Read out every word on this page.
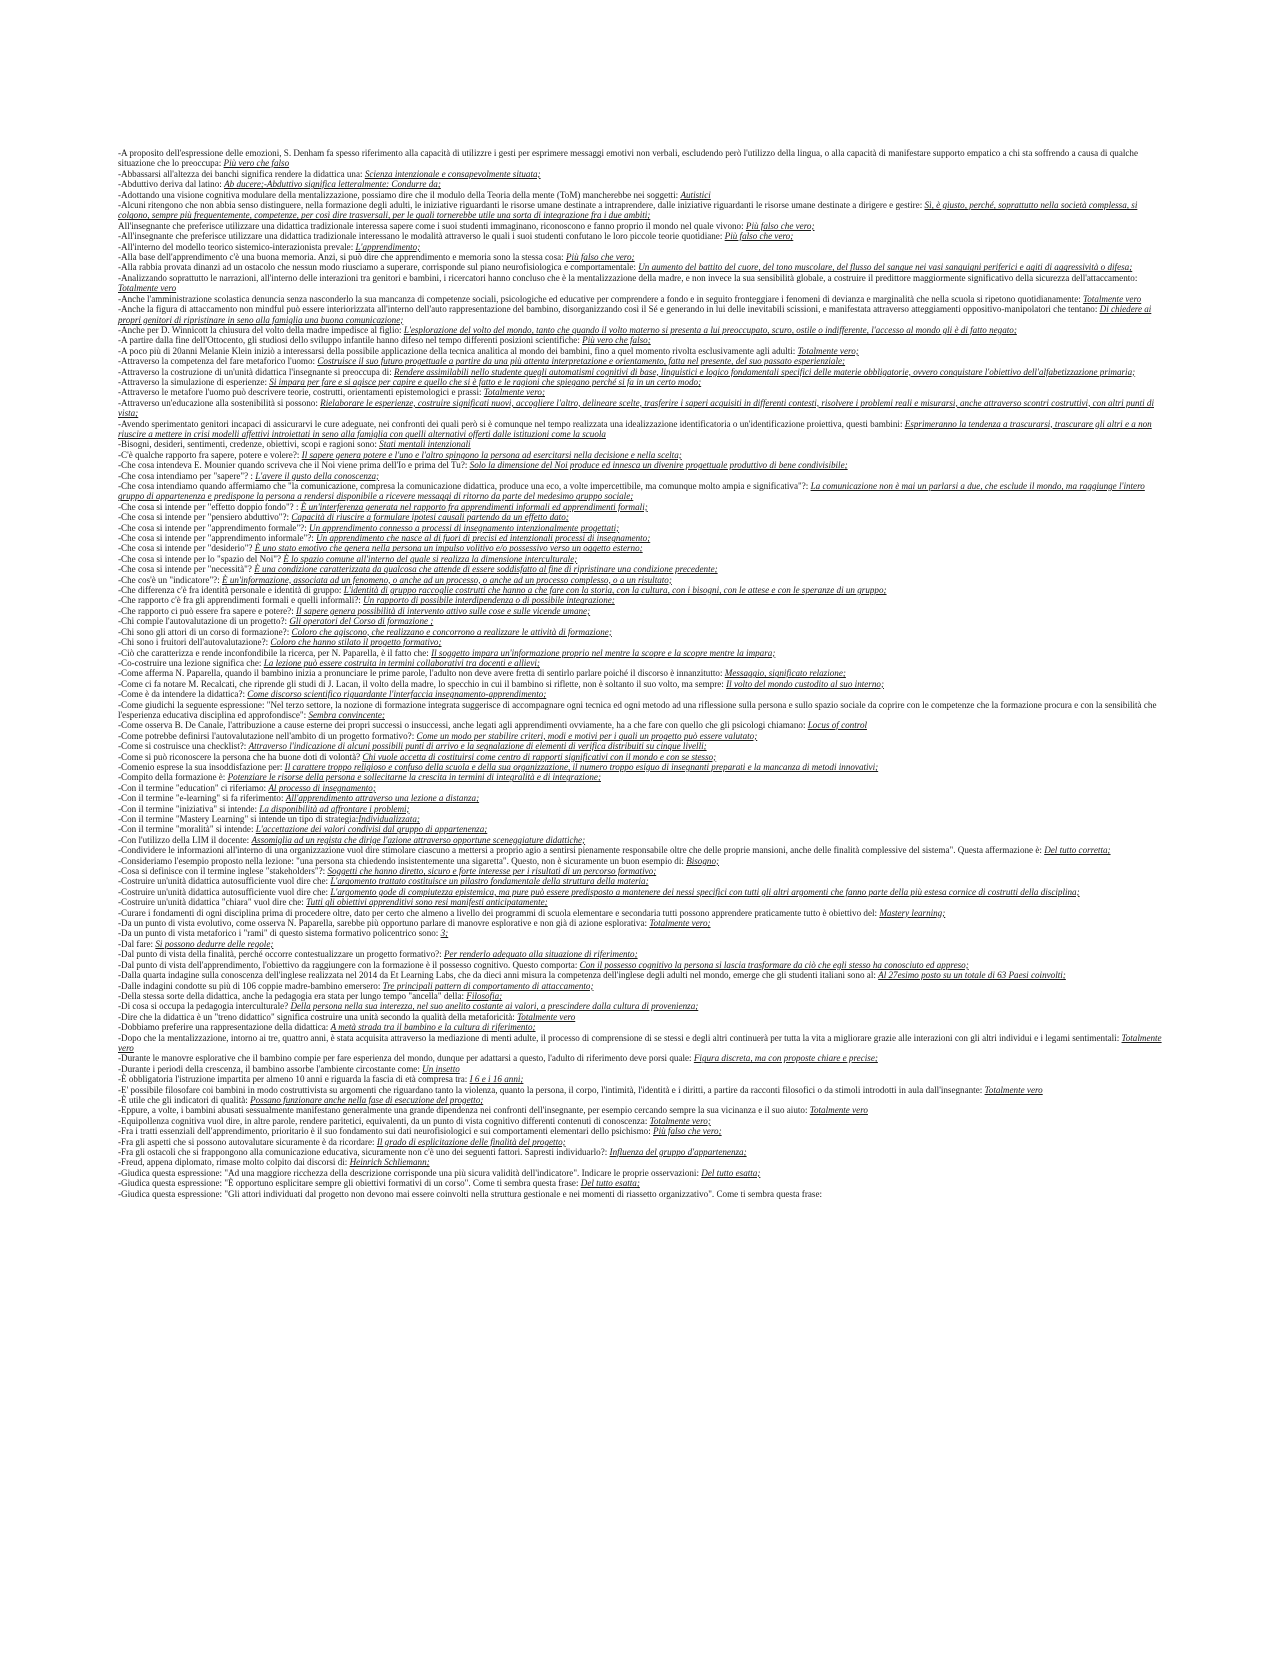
-A proposito dell'espressione delle emozioni, S. Denham fa spesso riferimento alla capacità di utilizzre i gesti per esprimere messaggi emotivi non verbali, escludendo però l'utilizzo della lingua, o alla capacità di manifestare supporto empatico a chi sta soffrendo a causa di qualche situazione che lo preoccupa: Più vero che falso

-Abbassarsi all'altezza dei banchi significa rendere la didattica una: Scienza intenzionale e consapevolmente situata;

-Abduttivo deriva dal latino: Ab ducere;-Abduttivo significa letteralmente: Condurre da;

-Adottando una visione cognitiva modulare della mentalizzazione, possiamo dire che il modulo della Teoria della mente (ToM) mancherebbe nei soggetti: Autistici

-Alcuni ritengono che non abbia senso distinguere, nella formazione degli adulti, le iniziative riguardanti le risorse umane destinate a intraprendere, dalle iniziative riguardanti le risorse umane destinate a dirigere e gestire: Sì, è giusto, perché, soprattutto nella società complessa, si colgono, sempre più frequentemente, competenze, per così dire trasversali, per le quali tornerebbe utile una sorta di integrazione fra i due ambiti;

All'insegnante che preferisce utilizzare una didattica tradizionale interessa sapere come i suoi studenti immaginano, riconoscono e fanno proprio il mondo nel quale vivono: Più falso che vero;

-All'insegnante che preferisce utilizzare una didattica tradizionale interessano le modalità attraverso le quali i suoi studenti confutano le loro piccole teorie quotidiane: Più falso che vero;

-All'interno del modello teorico sistemico-interazionista prevale: L'apprendimento;

-Alla base dell'apprendimento c'è una buona memoria. Anzi, si può dire che apprendimento e memoria sono la stessa cosa: Più falso che vero;

-Alla rabbia provata dinanzi ad un ostacolo che nessun modo riusciamo a superare, corrisponde sul piano neurofisiologica e comportamentale: Un aumento del battito del cuore, del tono muscolare, del flusso del sangue nei vasi sanguigni periferici e agiti di aggressività o difesa;

-Analizzando soprattutto le narrazioni, all'interno delle interazioni tra genitori e bambini, i ricercatori hanno concluso che è la mentalizzazione della madre, e non invece la sua sensibilità globale, a costruire il predittore maggiormente significativo della sicurezza dell'attaccamento: Totalmente vero

-Anche l'amministrazione scolastica denuncia senza nasconderlo la sua mancanza di competenze sociali, psicologiche ed educative per comprendere a fondo e in seguito fronteggiare i fenomeni di devianza e marginalità che nella scuola si ripetono quotidianamente: Totalmente vero

-Anche la figura di attaccamento non mindful può essere interiorizzata all'interno dell'auto rappresentazione del bambino, disorganizzando così il Sé e generando in lui delle inevitabili scissioni, e manifestata attraverso atteggiamenti oppositivo-manipolatori che tentano: Di chiedere ai propri genitori di ripristinare in seno alla famiglia una buona comunicazione;

-Anche per D. Winnicott la chiusura del volto della madre impedisce al figlio: L'esplorazione del volto del mondo, tanto che quando il volto materno si presenta a lui preoccupato, scuro, ostile o indifferente, l'accesso al mondo gli è di fatto negato;

-A partire dalla fine dell'Ottocento, gli studiosi dello sviluppo infantile hanno difeso nel tempo differenti posizioni scientifiche: Più vero che falso;

-A poco più di 20anni Melanie Klein iniziò a interessarsi della possibile applicazione della tecnica analitica al mondo dei bambini, fino a quel momento rivolta esclusivamente agli adulti: Totalmente vero;

-Attraverso la competenza del fare metaforico l'uomo: Costruisce il suo futuro progettuale a partire da una più attenta interpretazione e orientamento, fatta nel presente, del suo passato esperienziale;

-Attraverso la costruzione di un'unità didattica l'insegnante si preoccupa di: Rendere assimilabili nello studente quegli automatismi cognitivi di base, linguistici e logico fondamentali specifici delle materie obbligatorie, ovvero conquistare l'obiettivo dell'alfabetizzazione primaria;

-Attraverso la simulazione di esperienze: Si impara per fare e si agisce per capire e quello che si è fatto e le ragioni che spiegano perché si fa in un certo modo;

-Attraverso le metafore l'uomo può descrivere teorie, costrutti, orientamenti epistemologici e prassi: Totalmente vero;

-Attraverso un'educazione alla sostenibilità si possono: Rielaborare le esperienze, costruire significati nuovi, accogliere l'altro, delineare scelte, trasferire i saperi acquisiti in differenti contesti, risolvere i problemi reali e misurarsi, anche attraverso scontri costruttivi, con altri punti di vista;

-Avendo sperimentato genitori incapaci di assicurarvi le cure adeguate, nei confronti dei quali però si è comunque nel tempo realizzata una idealizzazione identificatoria o un'identificazione proiettiva, questi bambini: Esprimeranno la tendenza a trascurarsi, trascurare gli altri e a non riuscire a mettere in crisi modelli affettivi introiettati in seno alla famiglia con quelli alternativi offerti dalle istituzioni come la scuola

-Bisogni, desideri, sentimenti, credenze, obiettivi, scopi e ragioni sono: Stati mentali intenzionali

-C'è qualche rapporto fra sapere, potere e volere?: Il sapere genera potere e l'uno e l'altro spingono la persona ad esercitarsi nella decisione e nella scelta;

-Che cosa intendeva E. Mounier quando scriveva che il Noi viene prima dell'Io e prima del Tu?: Solo la dimensione del Noi produce ed innesca un divenire progettuale produttivo di bene condivisibile;

-Che cosa intendiamo per "sapere"? : L'avere il gusto della conoscenza;

-Che cosa intendiamo quando affermiamo che "la comunicazione, compresa la comunicazione didattica, produce una eco, a volte impercettibile, ma comunque molto ampia e significativa"?: La comunicazione non è mai un parlarsi a due, che esclude il mondo, ma raggiunge l'intero gruppo di appartenenza e predispone la persona a rendersi disponibile a ricevere messaggi di ritorno da parte del medesimo gruppo sociale;

-Che cosa si intende per "effetto doppio fondo"? : È un'interferenza generata nel rapporto fra apprendimenti informali ed apprendimenti formali;

-Che cosa si intende per "pensiero abduttivo"?: Capacità di riuscire a formulare ipotesi causali partendo da un effetto dato;

-Che cosa si intende per "apprendimento formale"?: Un apprendimento connesso a processi di insegnamento intenzionalmente progettati;

-Che cosa si intende per "apprendimento informale"?: Un apprendimento che nasce al di fuori di precisi ed intenzionali processi di insegnamento;

-Che cosa si intende per "desiderio"? È uno stato emotivo che genera nella persona un impulso volitivo e/o possessivo verso un oggetto esterno;

-Che cosa si intende per lo "spazio del Noi"? È lo spazio comune all'interno del quale si realizza la dimensione interculturale;

-Che cosa si intende per "necessità"? È una condizione caratterizzata da qualcosa che attende di essere soddisfatto al fine di ripristinare una condizione precedente;

-Che cos'è un "indicatore"?: È un'informazione, associata ad un fenomeno, o anche ad un processo, o anche ad un processo complesso, o a un risultato;

-Che differenza c'è fra identità personale e identità di gruppo: L'identità di gruppo raccoglie costrutti che hanno a che fare con la storia, con la cultura, con i bisogni, con le attese e con le speranze di un gruppo;

-Che rapporto c'è fra gli apprendimenti formali e quelli informali?: Un rapporto di possibile interdipendenza o di possibile integrazione;

-Che rapporto ci può essere fra sapere e potere?: Il sapere genera possibilità di intervento attivo sulle cose e sulle vicende umane;

-Chi compie l'autovalutazione di un progetto?: Gli operatori del Corso di formazione ;

-Chi sono gli attori di un corso di formazione?: Coloro che agiscono, che realizzano e concorrono a realizzare le attività di formazione;

-Chi sono i fruitori dell'autovalutazione?: Coloro che hanno stilato il progetto formativo;

-Ciò che caratterizza e rende inconfondibile la ricerca, per N. Paparella, è il fatto che: Il soggetto impara un'informazione proprio nel mentre la scopre e la scopre mentre la impara;

-Co-costruire una lezione significa che: La lezione può essere costruita in termini collaborativi tra docenti e allievi;

-Come afferma N. Paparella, quando il bambino inizia a pronunciare le prime parole, l'adulto non deve avere fretta di sentirlo parlare poiché il discorso è innanzitutto: Messaggio, significato relazione;

-Come ci fa notare M. Recalcati, che riprende gli studi di J. Lacan, il volto della madre, lo specchio in cui il bambino si riflette, non è soltanto il suo volto, ma sempre: Il volto del mondo custodito al suo interno;

-Come è da intendere la didattica?: Come discorso scientifico riguardante l'interfaccia insegnamento-apprendimento;

-Come giudichi la seguente espressione: "Nel terzo settore, la nozione di formazione integrata suggerisce di accompagnare ogni tecnica ed ogni metodo ad una riflessione sulla persona e sullo spazio sociale da coprire con le competenze che la formazione procura e con la sensibilità che l'esperienza educativa disciplina ed approfondisce": Sembra convincente;

-Come osserva B. De Canale, l'attribuzione a cause esterne dei propri successi o insuccessi, anche legati agli apprendimenti ovviamente, ha a che fare con quello che gli psicologi chiamano: Locus of control

-Come potrebbe definirsi l'autovalutazione nell'ambito di un progetto formativo?: Come un modo per stabilire criteri, modi e motivi per i quali un progetto può essere valutato;

-Come si costruisce una checklist?: Attraverso l'indicazione di alcuni possibili punti di arrivo e la segnalazione di elementi di verifica distribuiti su cinque livelli;

-Come si può riconoscere la persona che ha buone doti di volontà? Chi vuole accetta di costituirsi come centro di rapporti significativi con il mondo e con se stesso;

-Comenio esprese la sua insoddisfazione per: Il carattere troppo religioso e confuso della scuola e della sua organizzazione, il numero troppo esiguo di insegnanti preparati e la mancanza di metodi innovativi;

-Compito della formazione è: Potenziare le risorse della persona e sollecitarne la crescita in termini di integralità e di integrazione;

-Con il termine "education" ci riferiamo: Al processo di insegnamento;

-Con il termine "e-learning" si fa riferimento: All'apprendimento attraverso una lezione a distanza;

-Con il termine "iniziativa" si intende: La disponibilità ad affrontare i problemi;

-Con il termine "Mastery Learning" si intende un tipo di strategia:Individualizzata;

-Con il termine "moralità" si intende: L'accettazione dei valori condivisi dal gruppo di appartenenza;

-Con l'utilizzo della LIM il docente: Assomiglia ad un regista che dirige l'azione attraverso opportune sceneggiature didattiche;

-Condividere le informazioni all'interno di una organizzazione vuol dire stimolare ciascuno a mettersi a proprio agio a sentirsi pienamente responsabile oltre che delle proprie mansioni, anche delle finalità complessive del sistema". Questa affermazione è: Del tutto corretta;

-Consideriamo l'esempio proposto nella lezione: "una persona sta chiedendo insistentemente una sigaretta". Questo, non è sicuramente un buon esempio di: Bisogno;

-Cosa si definisce con il termine inglese "stakeholders"?: Soggetti che hanno diretto, sicuro e forte interesse per i risultati di un percorso formativo;

-Costruire un'unità didattica autosufficiente vuol dire che: L'argomento trattato costituisce un pilastro fondamentale della struttura della materia;

-Costruire un'unità didattica autosufficiente vuol dire che: L'argomento gode di compiutezza epistemica, ma pure può essere predisposto a mantenere dei nessi specifici con tutti gli altri argomenti che fanno parte della più estesa cornice di costrutti della disciplina;

-Costruire un'unità didattica "chiara" vuol dire che: Tutti gli obiettivi apprenditivi sono resi manifesti anticipatamente;

-Curare i fondamenti di ogni disciplina prima di procedere oltre, dato per certo che almeno a livello dei programmi di scuola elementare e secondaria tutti possono apprendere praticamente tutto è obiettivo del: Mastery learning;

-Da un punto di vista evolutivo, come osserva N. Paparella, sarebbe più opportuno parlare di manovre esplorative e non già di azione esplorativa: Totalmente vero;

-Da un punto di vista metaforico i "rami" di questo sistema formativo policentrico sono: 3;

-Dal fare: Si possono dedurre delle regole;

-Dal punto di vista della finalità, perché occorre contestualizzare un progetto formativo?: Per renderlo adeguato alla situazione di riferimento;

-Dal punto di vista dell'apprendimento, l'obiettivo da raggiungere con la formazione è il possesso cognitivo. Questo comporta: Con il possesso cognitivo la persona si lascia trasformare da ciò che egli stesso ha conosciuto ed appreso;

-Dalla quarta indagine sulla conoscenza dell'inglese realizzata nel 2014 da Et Learning Labs, che da dieci anni misura la competenza dell'inglese degli adulti nel mondo, emerge che gli studenti italiani sono al: Al 27esimo posto su un totale di 63 Paesi coinvolti;

-Dalle indagini condotte su più di 106 coppie madre-bambino emersero: Tre principali pattern di comportamento di attaccamento;

-Della stessa sorte della didattica, anche la pedagogia era stata per lungo tempo "ancella" della: Filosofia;

-Di cosa si occupa la pedagogia interculturale? Della persona nella sua interezza, nel suo anelito costante ai valori, a prescindere dalla cultura di provenienza;

-Dire che la didattica è un "treno didattico" significa costruire una unità secondo la qualità della metaforicità: Totalmente vero

-Dobbiamo preferire una rappresentazione della didattica: A metà strada tra il bambino e la cultura di riferimento;

-Dopo che la mentalizzazione, intorno ai tre, quattro anni, è stata acquisita attraverso la mediazione di menti adulte, il processo di comprensione di se stessi e degli altri continuerà per tutta la vita a migliorare grazie alle interazioni con gli altri individui e i legami sentimentali: Totalmente vero

-Durante le manovre esplorative che il bambino compie per fare esperienza del mondo, dunque per adattarsi a questo, l'adulto di riferimento deve porsi quale: Figura discreta, ma con proposte chiare e precise;

-Durante i periodi della crescenza, il bambino assorbe l'ambiente circostante come: Un insetto

-È obbligatoria l'istruzione impartita per almeno 10 anni e riguarda la fascia di età compresa tra: I 6 e i 16 anni;

-E' possibile filosofare coi bambini in modo costruttivista su argomenti che riguardano tanto la violenza, quanto la persona, il corpo, l'intimità, l'identità e i diritti, a partire da racconti filosofici o da stimoli introdotti in aula dall'insegnante: Totalmente vero

-È utile che gli indicatori di qualità: Possano funzionare anche nella fase di esecuzione del progetto;

-Eppure, a volte, i bambini abusati sessualmente manifestano generalmente una grande dipendenza nei confronti dell'insegnante, per esempio cercando sempre la sua vicinanza e il suo aiuto: Totalmente vero

-Equipollenza cognitiva vuol dire, in altre parole, rendere paritetici, equivalenti, da un punto di vista cognitivo differenti contenuti di conoscenza: Totalmente vero;

-Fra i tratti essenziali dell'apprendimento, prioritario è il suo fondamento sui dati neurofisiologici e sui comportamenti elementari dello psichismo: Più falso che vero;

-Fra gli aspetti che si possono autovalutare sicuramente è da ricordare: Il grado di esplicitazione delle finalità del progetto;

-Fra gli ostacoli che si frappongono alla comunicazione educativa, sicuramente non c'è uno dei seguenti fattori. Sapresti individuarlo?: Influenza del gruppo d'appartenenza;

-Freud, appena diplomato, rimase molto colpito dai discorsi di: Heinrich Schliemann;

-Giudica questa espressione: "Ad una maggiore ricchezza della descrizione corrisponde una più sicura validità dell'indicatore". Indicare le proprie osservazioni: Del tutto esatta;

-Giudica questa espressione: "È opportuno esplicitare sempre gli obiettivi formativi di un corso". Come ti sembra questa frase: Del tutto esatta;

-Giudica questa espressione: "Gli attori individuati dal progetto non devono mai essere coinvolti nella struttura gestionale e nei momenti di riassetto organizzativo". Come ti sembra questa frase:
